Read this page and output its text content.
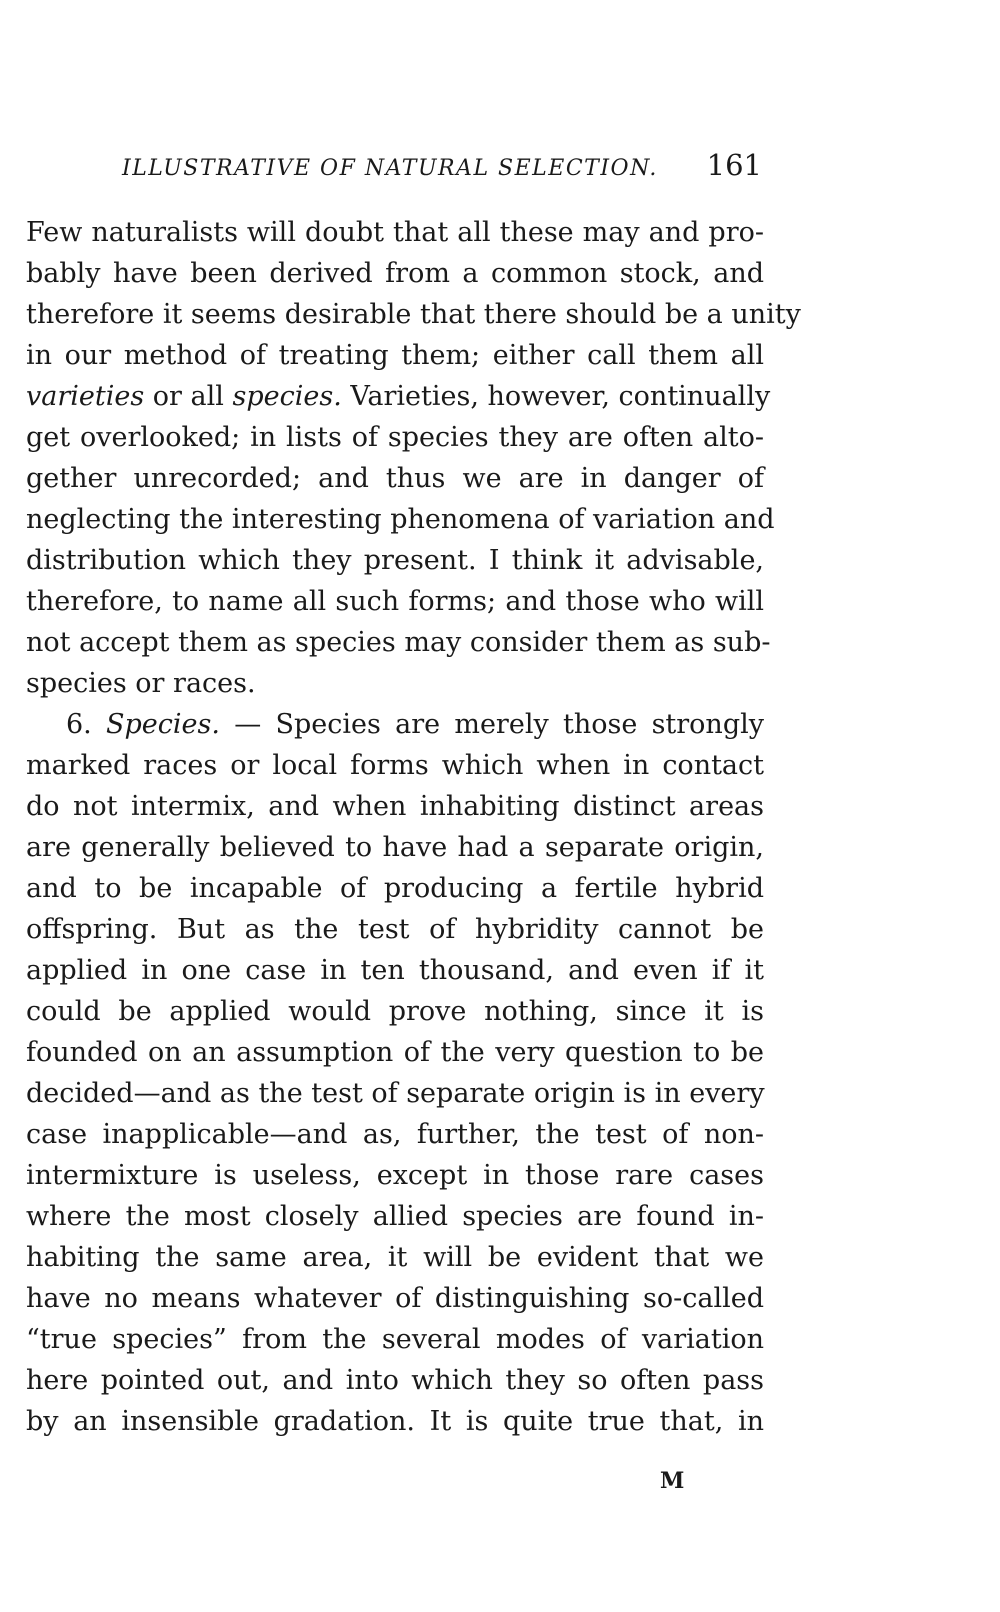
ILLUSTRATIVE OF NATURAL SELECTION. 161
Few naturalists will doubt that all these may and pro-
bably have been derived from a common stock, and
therefore it seems desirable that there should be a unity
in our method of treating them; either call them all
varieties or all species. Varieties, however, continually
get overlooked; in lists of species they are often alto-
gether unrecorded; and thus we are in danger of
neglecting the interesting phenomena of variation and
distribution which they present. I think it advisable,
therefore, to name all such forms; and those who will
not accept them as species may consider them as sub-
species or races.
6. Species. — Species are merely those strongly
marked races or local forms which when in contact
do not intermix, and when inhabiting distinct areas
are generally believed to have had a separate origin,
and to be incapable of producing a fertile hybrid
offspring. But as the test of hybridity cannot be
applied in one case in ten thousand, and even if it
could be applied would prove nothing, since it is
founded on an assumption of the very question to be
decided—and as the test of separate origin is in every
case inapplicable—and as, further, the test of non-
intermixture is useless, except in those rare cases
where the most closely allied species are found in-
habiting the same area, it will be evident that we
have no means whatever of distinguishing so-called
“true species” from the several modes of variation
here pointed out, and into which they so often pass
by an insensible gradation. It is quite true that, in
M
